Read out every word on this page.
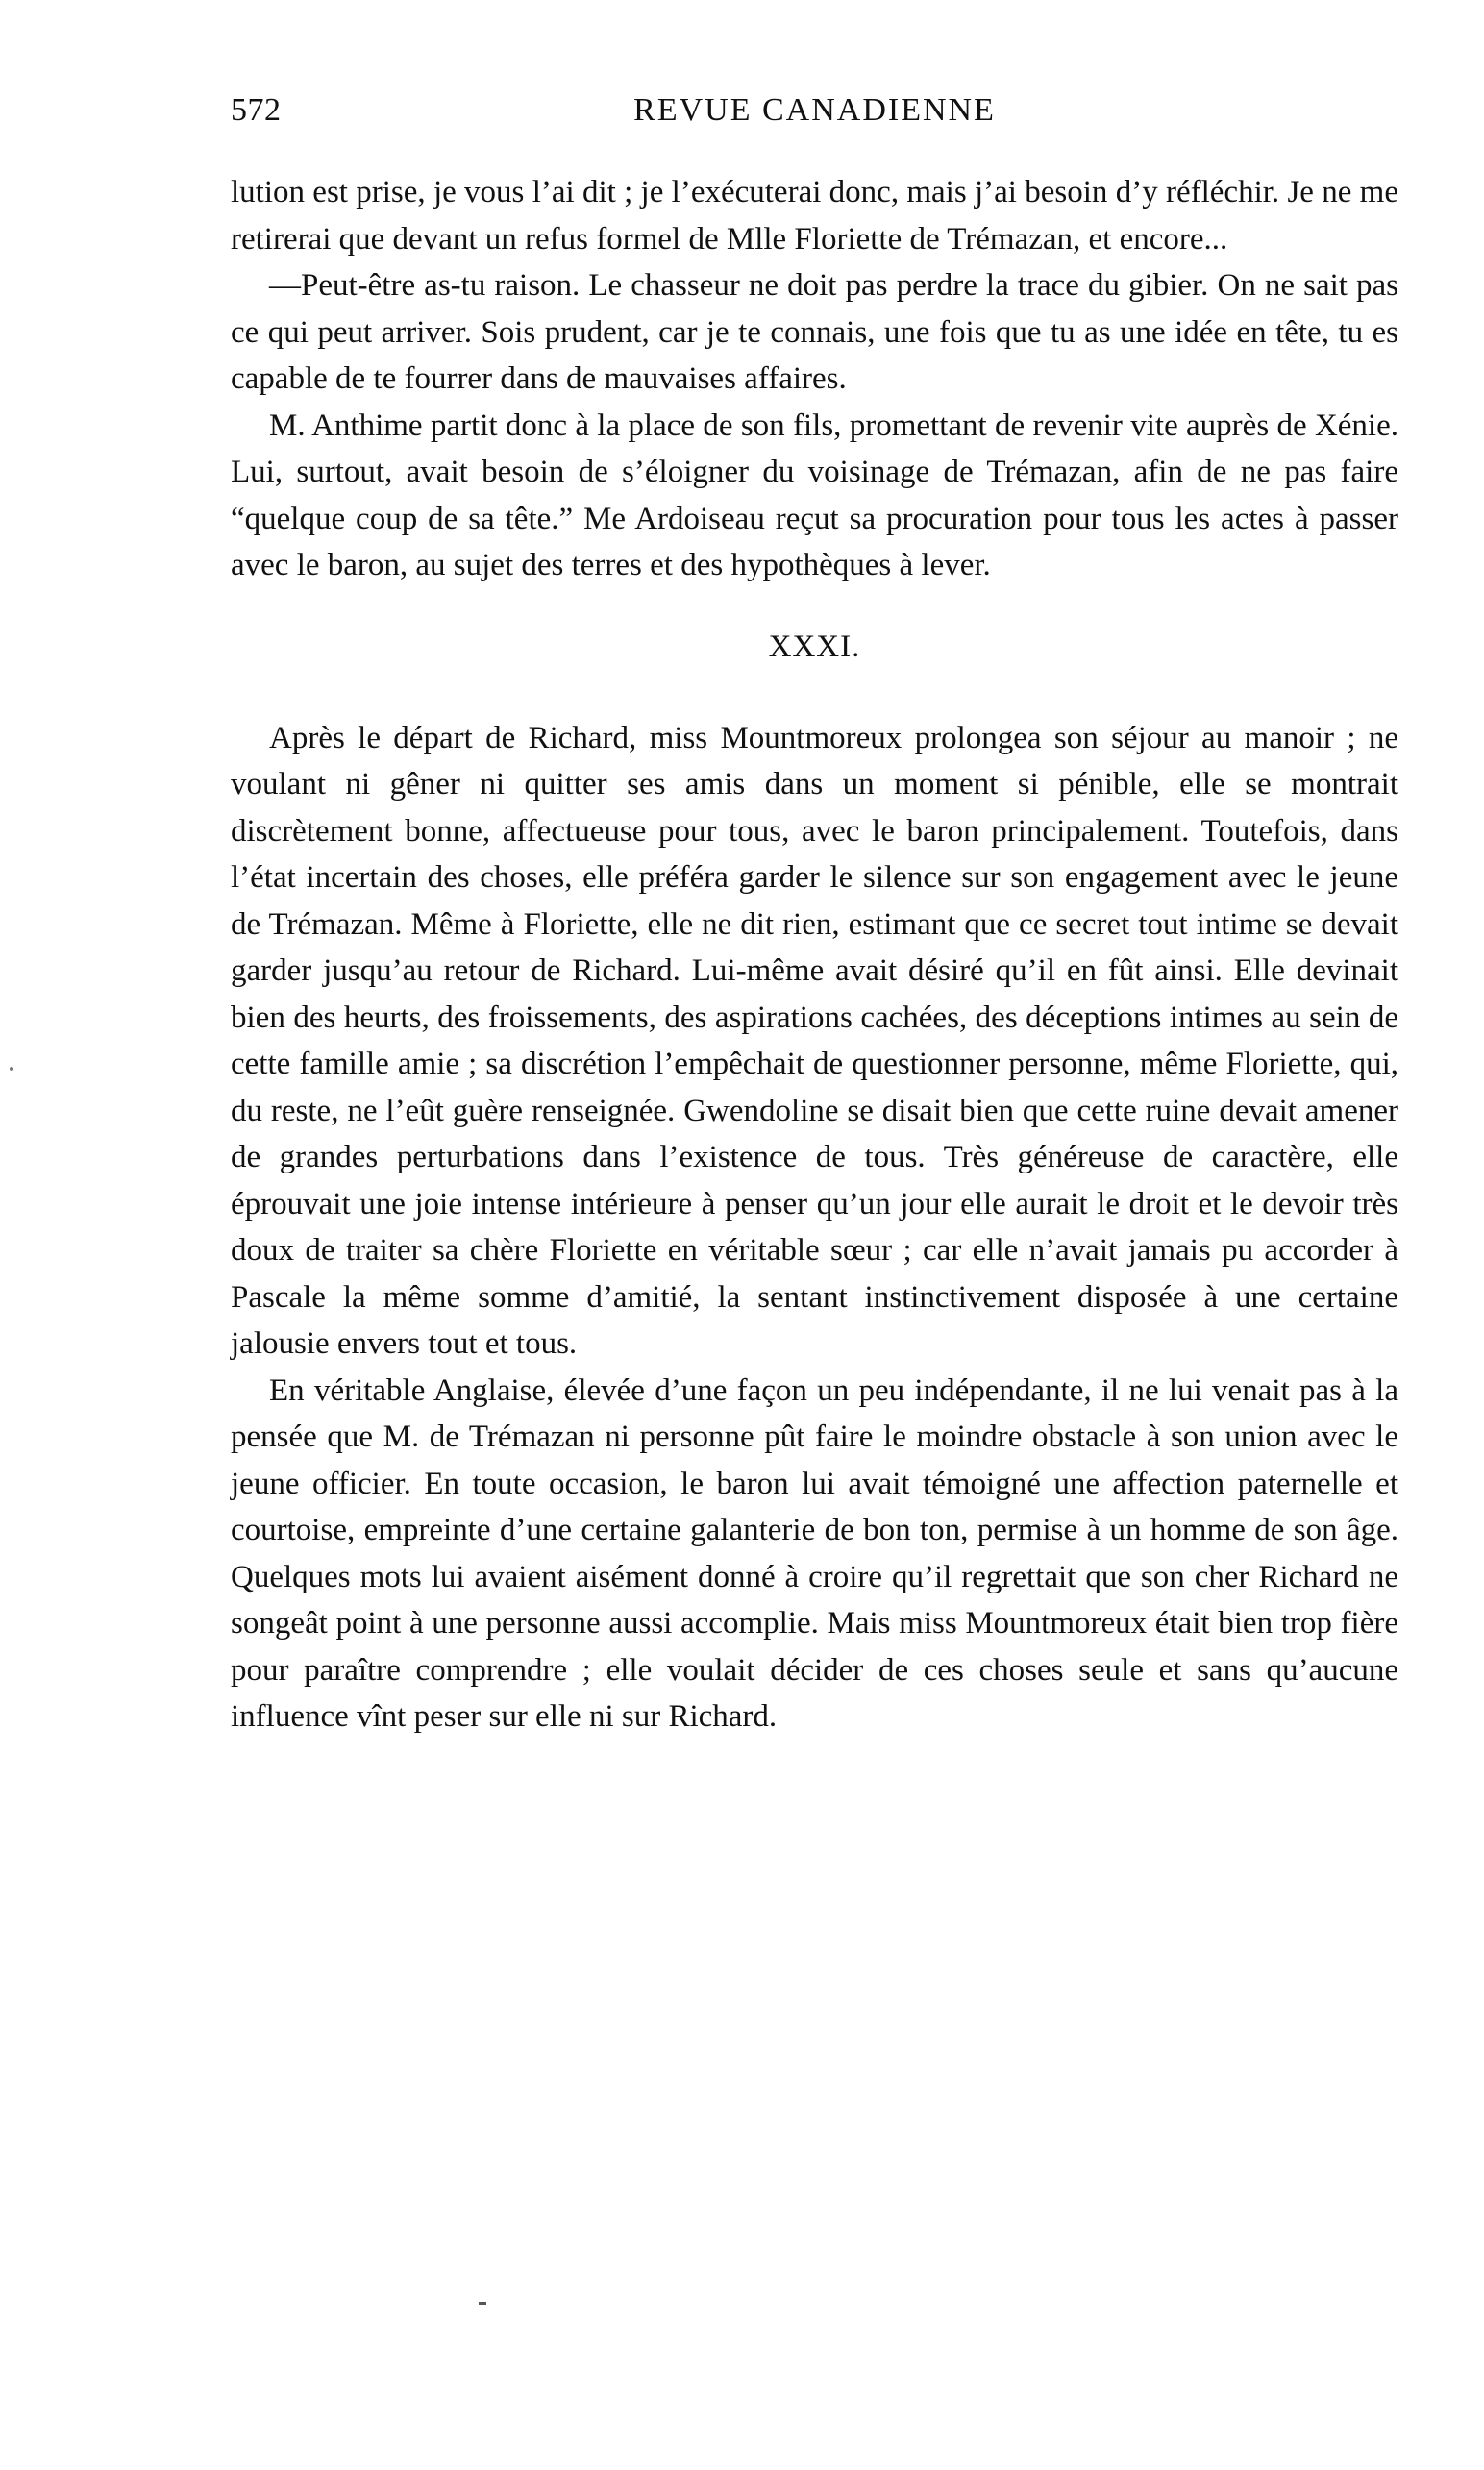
572	REVUE CANADIENNE

lution est prise, je vous l’ai dit ; je l’exécuterai donc, mais j’ai besoin d’y réfléchir. Je ne me retirerai que devant un refus formel de Mlle Floriette de Trémazan, et encore...

—Peut-être as-tu raison. Le chasseur ne doit pas perdre la trace du gibier. On ne sait pas ce qui peut arriver. Sois prudent, car je te connais, une fois que tu as une idée en tête, tu es capable de te fourrer dans de mauvaises affaires.

M. Anthime partit donc à la place de son fils, promettant de revenir vite auprès de Xénie. Lui, surtout, avait besoin de s’éloigner du voisinage de Trémazan, afin de ne pas faire “quelque coup de sa tête.” Me Ardoiseau reçut sa procuration pour tous les actes à passer avec le baron, au sujet des terres et des hypothèques à lever.

XXXI.

Après le départ de Richard, miss Mountmoreux prolongea son séjour au manoir ; ne voulant ni gêner ni quitter ses amis dans un moment si pénible, elle se montrait discrètement bonne, affectueuse pour tous, avec le baron principalement. Toutefois, dans l’état incertain des choses, elle préféra garder le silence sur son engagement avec le jeune de Trémazan. Même à Floriette, elle ne dit rien, estimant que ce secret tout intime se devait garder jusqu’au retour de Richard. Lui-même avait désiré qu’il en fût ainsi. Elle devinait bien des heurts, des froissements, des aspirations cachées, des déceptions intimes au sein de cette famille amie ; sa discrétion l’empêchait de questionner personne, même Floriette, qui, du reste, ne l’eût guère renseignée. Gwendoline se disait bien que cette ruine devait amener de grandes perturbations dans l’existence de tous. Très généreuse de caractère, elle éprouvait une joie intense intérieure à penser qu’un jour elle aurait le droit et le devoir très doux de traiter sa chère Floriette en véritable sœur ; car elle n’avait jamais pu accorder à Pascale la même somme d’amitié, la sentant instinctivement disposée à une certaine jalousie envers tout et tous.

En véritable Anglaise, élevée d’une façon un peu indépendante, il ne lui venait pas à la pensée que M. de Trémazan ni personne pût faire le moindre obstacle à son union avec le jeune officier. En toute occasion, le baron lui avait témoigné une affection paternelle et courtoise, empreinte d’une certaine galanterie de bon ton, permise à un homme de son âge. Quelques mots lui avaient aisément donné à croire qu’il regrettait que son cher Richard ne songeât point à une personne aussi accomplie. Mais miss Mountmoreux était bien trop fière pour paraître comprendre ; elle voulait décider de ces choses seule et sans qu’aucune influence vînt peser sur elle ni sur Richard.
